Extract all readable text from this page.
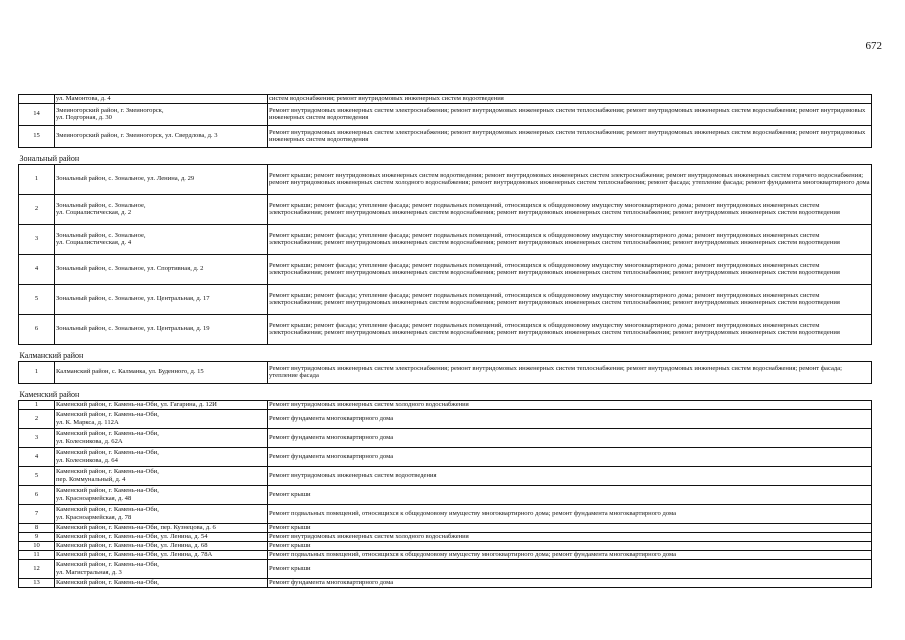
672
	ул. Мамонтова, д. 4	систем водоснабжения; ремонт внутридомовых инженерных систем водоотведения
14	Змеиногорский район, г. Змеиногорск,
ул. Подгорная, д. 30	Ремонт внутридомовых инженерных систем электроснабжения; ремонт внутридомовых инженерных систем теплоснабжения; ремонт внутридомовых инженерных систем водоснабжения; ремонт внутридомовых инженерных систем водоотведения
15	Змеиногорский район, г. Змеиногорск, ул. Свердлова, д. 3	Ремонт внутридомовых инженерных систем электроснабжения; ремонт внутридомовых инженерных систем теплоснабжения; ремонт внутридомовых инженерных систем водоснабжения; ремонт внутридомовых инженерных систем водоотведения
Зональный район		
1	Зональный район, с. Зональное, ул. Ленина, д. 29	Ремонт крыши; ремонт внутридомовых инженерных систем водоотведения; ремонт внутридомовых инженерных систем электроснабжения; ремонт внутридомовых инженерных систем горячего водоснабжения; ремонт внутридомовых инженерных систем холодного водоснабжения; ремонт внутридомовых инженерных систем теплоснабжения; ремонт фасада; утепление фасада; ремонт фундамента многоквартирного дома
2	Зональный район, с. Зональное,
ул. Социалистическая, д. 2	Ремонт крыши; ремонт фасада; утепление фасада; ремонт подвальных помещений, относящихся к общедомовому имуществу многоквартирного дома; ремонт внутридомовых инженерных систем электроснабжения; ремонт внутридомовых инженерных систем водоснабжения; ремонт внутридомовых инженерных систем теплоснабжения; ремонт внутридомовых инженерных систем водоотведения
3	Зональный район, с. Зональное,
ул. Социалистическая, д. 4	Ремонт крыши; ремонт фасада; утепление фасада; ремонт подвальных помещений, относящихся к общедомовому имуществу многоквартирного дома; ремонт внутридомовых инженерных систем электроснабжения; ремонт внутридомовых инженерных систем водоснабжения; ремонт внутридомовых инженерных систем теплоснабжения; ремонт внутридомовых инженерных систем водоотведения
4	Зональный район, с. Зональное, ул. Спортивная, д. 2	Ремонт крыши; ремонт фасада; утепление фасада; ремонт подвальных помещений, относящихся к общедомовому имуществу многоквартирного дома; ремонт внутридомовых инженерных систем электроснабжения; ремонт внутридомовых инженерных систем водоснабжения; ремонт внутридомовых инженерных систем теплоснабжения; ремонт внутридомовых инженерных систем водоотведения
5	Зональный район, с. Зональное, ул. Центральная, д. 17	Ремонт крыши; ремонт фасада; утепление фасада; ремонт подвальных помещений, относящихся к общедомовому имуществу многоквартирного дома; ремонт внутридомовых инженерных систем электроснабжения; ремонт внутридомовых инженерных систем водоснабжения; ремонт внутридомовых инженерных систем теплоснабжения; ремонт внутридомовых инженерных систем водоотведения
6	Зональный район, с. Зональное, ул. Центральная, д. 19	Ремонт крыши; ремонт фасада; утепление фасада; ремонт подвальных помещений, относящихся к общедомовому имуществу многоквартирного дома; ремонт внутридомовых инженерных систем электроснабжения; ремонт внутридомовых инженерных систем водоснабжения; ремонт внутридомовых инженерных систем теплоснабжения; ремонт внутридомовых инженерных систем водоотведения
Калманский район		
1	Калманский район, с. Калманка, ул. Буденного, д. 15	Ремонт внутридомовых инженерных систем электроснабжения; ремонт внутридомовых инженерных систем теплоснабжения; ремонт внутридомовых инженерных систем водоснабжения; ремонт фасада; утепление фасада
Каменский район		
1	Каменский район, г. Камень-на-Оби, ул. Гагарина, д. 12И	Ремонт внутридомовых инженерных систем холодного водоснабжения
2	Каменский район, г. Камень-на-Оби,
ул. К. Маркса, д. 112А	Ремонт фундамента многоквартирного дома
3	Каменский район, г. Камень-на-Оби,
ул. Колесникова, д. 62А	Ремонт фундамента многоквартирного дома
4	Каменский район, г. Камень-на-Оби,
ул. Колесникова, д. 64	Ремонт фундамента многоквартирного дома
5	Каменский район, г. Камень-на-Оби,
пер. Коммунальный, д. 4	Ремонт внутридомовых инженерных систем водоотведения
6	Каменский район, г. Камень-на-Оби,
ул. Красноармейская, д. 48	Ремонт крыши
7	Каменский район, г. Камень-на-Оби,
ул. Красноармейская, д. 78	Ремонт подвальных помещений, относящихся к общедомовому имуществу многоквартирного дома; ремонт фундамента многоквартирного дома
8	Каменский район, г. Камень-на-Оби, пер. Кузнецова, д. 6	Ремонт крыши
9	Каменский район, г. Камень-на-Оби, ул. Ленина, д. 54	Ремонт внутридомовых инженерных систем холодного водоснабжения
10	Каменский район, г. Камень-на-Оби, ул. Ленина, д. 68	Ремонт крыши
11	Каменский район, г. Камень-на-Оби, ул. Ленина, д. 78А	Ремонт подвальных помещений, относящихся к общедомовому имуществу многоквартирного дома; ремонт фундамента многоквартирного дома
12	Каменский район, г. Камень-на-Оби,
ул. Магистральная, д. 3	Ремонт крыши
13	Каменский район, г. Камень-на-Оби,	Ремонт фундамента многоквартирного дома
